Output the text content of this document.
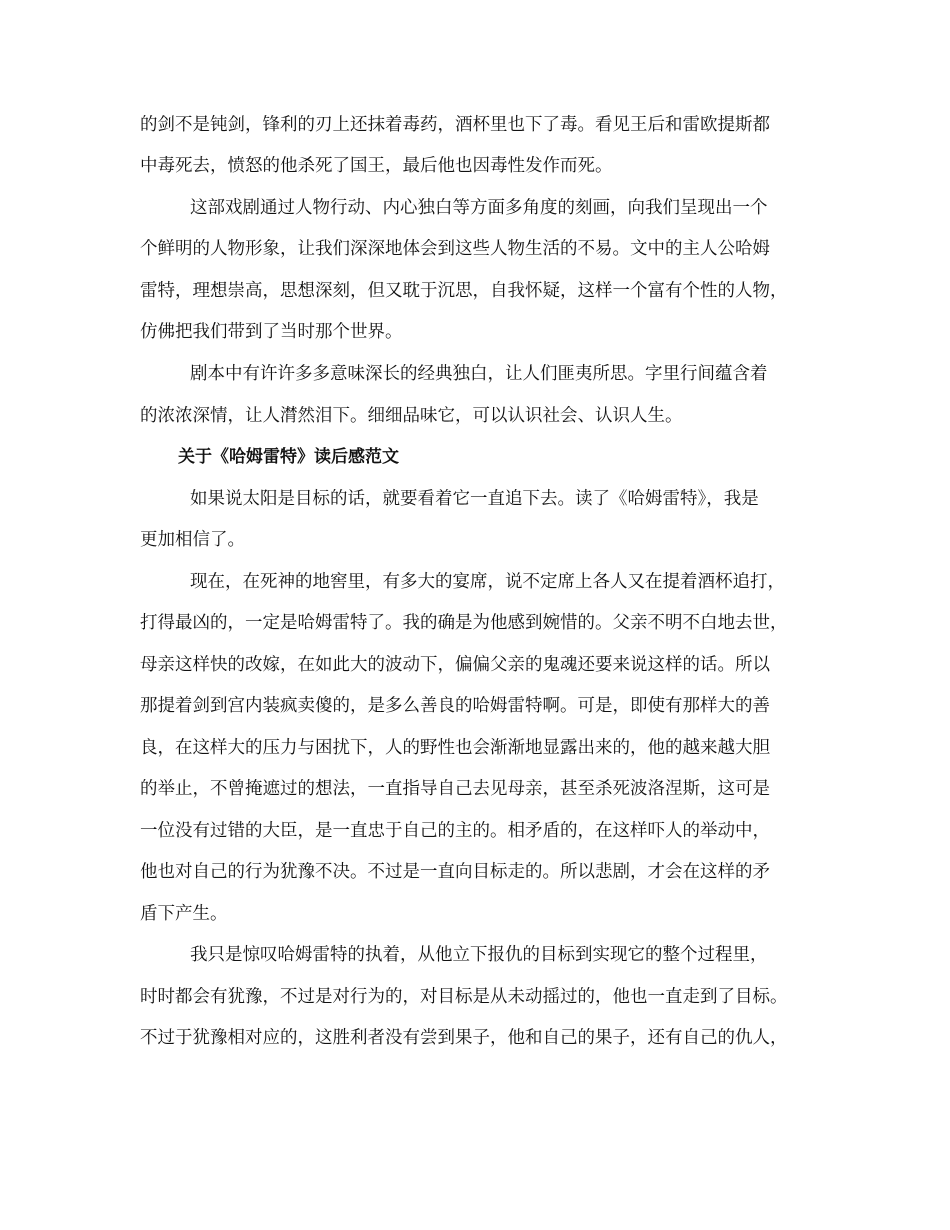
的剑不是钝剑，锋利的刃上还抹着毒药，酒杯里也下了毒。看见王后和雷欧提斯都
中毒死去，愤怒的他杀死了国王，最后他也因毒性发作而死。
这部戏剧通过人物行动、内心独白等方面多角度的刻画，向我们呈现出一个
个鲜明的人物形象，让我们深深地体会到这些人物生活的不易。文中的主人公哈姆
雷特，理想崇高，思想深刻，但又耽于沉思，自我怀疑，这样一个富有个性的人物，
仿佛把我们带到了当时那个世界。
剧本中有许许多多意味深长的经典独白，让人们匪夷所思。字里行间蕴含着
的浓浓深情，让人潸然泪下。细细品味它，可以认识社会、认识人生。
关于《哈姆雷特》读后感范文
如果说太阳是目标的话，就要看着它一直追下去。读了《哈姆雷特》，我是
更加相信了。
现在，在死神的地窖里，有多大的宴席，说不定席上各人又在提着酒杯追打，
打得最凶的，一定是哈姆雷特了。我的确是为他感到婉惜的。父亲不明不白地去世，
母亲这样快的改嫁，在如此大的波动下，偏偏父亲的鬼魂还要来说这样的话。所以
那提着剑到宫内装疯卖傻的，是多么善良的哈姆雷特啊。可是，即使有那样大的善
良，在这样大的压力与困扰下，人的野性也会渐渐地显露出来的，他的越来越大胆
的举止，不曾掩遮过的想法，一直指导自己去见母亲，甚至杀死波洛涅斯，这可是
一位没有过错的大臣，是一直忠于自己的主的。相矛盾的，在这样吓人的举动中，
他也对自己的行为犹豫不决。不过是一直向目标走的。所以悲剧，才会在这样的矛
盾下产生。
我只是惊叹哈姆雷特的执着，从他立下报仇的目标到实现它的整个过程里，
时时都会有犹豫，不过是对行为的，对目标是从未动摇过的，他也一直走到了目标。
不过于犹豫相对应的，这胜利者没有尝到果子，他和自己的果子，还有自己的仇人，
